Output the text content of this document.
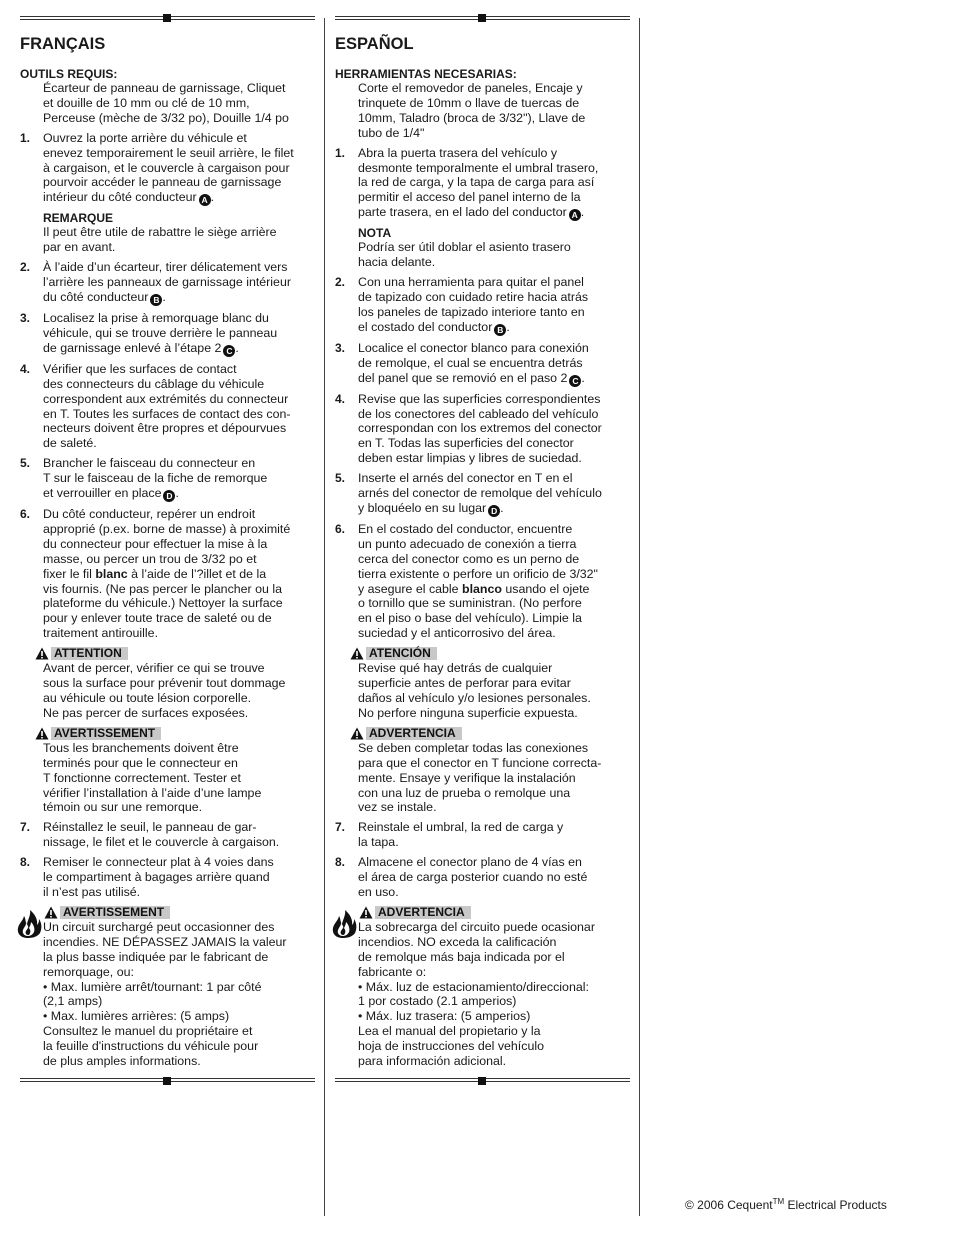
FRANÇAIS
OUTILS REQUIS:
Écarteur de panneau de garnissage, Cliquet
et douille de 10 mm ou clé de 10 mm,
Perceuse (mèche de 3/32 po), Douille 1/4 po
1. Ouvrez la porte arrière du véhicule et
enevez temporairement le seuil arrière, le filet
à cargaison, et le couvercle à cargaison pour
pourvoir accéder le panneau de garnissage
intérieur du côté conducteur A .
REMARQUE
Il peut être utile de rabattre le siège arrière
par en avant.
2. À l’aide d’un écarteur, tirer délicatement vers
l’arrière les panneaux de garnissage intérieur
du côté conducteur B .
3. Localisez la prise à remorquage blanc du
véhicule, qui se trouve derrière le panneau
de garnissage enlevé à l’étape 2 C .
4. Vérifier que les surfaces de contact
des connecteurs du câblage du véhicule
correspondent aux extrémités du connecteur
en T. Toutes les surfaces de contact des con-
necteurs doivent être propres et dépourvues
de saleté.
5. Brancher le faisceau du connecteur en
T sur le faisceau de la fiche de remorque
et verrouiller en place D .
6. Du côté conducteur, repérer un endroit
approprié (p.ex. borne de masse) à proximité
du connecteur pour effectuer la mise à la
masse, ou percer un trou de 3/32 po et
fixer le fil blanc à l’aide de l’?illet et de la
vis fournis. (Ne pas percer le plancher ou la
plateforme du véhicule.) Nettoyer la surface
pour y enlever toute trace de saleté ou de
traitement antirouille.
ATTENTION
Avant de percer, vérifier ce qui se trouve
sous la surface pour prévenir tout dommage
au véhicule ou toute lésion corporelle.
Ne pas percer de surfaces exposées.
AVERTISSEMENT
Tous les branchements doivent être
terminés pour que le connecteur en
T fonctionne correctement. Tester et
vérifier l’installation à l’aide d’une lampe
témoin ou sur une remorque.
7. Réinstallez le seuil, le panneau de gar-
nissage, le filet et le couvercle à cargaison.
8. Remiser le connecteur plat à 4 voies dans
le compartiment à bagages arrière quand
il n’est pas utilisé.
AVERTISSEMENT
Un circuit surchargé peut occasionner des
incendies. NE DÉPASSEZ JAMAIS la valeur
la plus basse indiquée par le fabricant de
remorquage, ou:
• Max. lumière arrêt/tournant: 1 par côté
(2,1 amps)
• Max. lumières arrières: (5 amps)
Consultez le manuel du propriétaire et
la feuille d'instructions du véhicule pour
de plus amples informations.
ESPAÑOL
HERRAMIENTAS NECESARIAS:
Corte el removedor de paneles, Encaje y
trinquete de 10mm o llave de tuercas de
10mm, Taladro (broca de 3/32"), Llave de
tubo de 1/4"
1. Abra la puerta trasera del vehículo y
desmonte temporalmente el umbral trasero,
la red de carga, y la tapa de carga para así
permitir el acceso del panel interno de la
parte trasera, en el lado del conductor A .
NOTA
Podría ser útil doblar el asiento trasero
hacia delante.
2. Con una herramienta para quitar el panel
de tapizado con cuidado retire hacia atrás
los paneles de tapizado interiore tanto en
el costado del conductor B .
3. Localice el conector blanco para conexión
de remolque, el cual se encuentra detrás
del panel que se removió en el paso 2 C .
4. Revise que las superficies correspondientes
de los conectores del cableado del vehículo
correspondan con los extremos del conector
en T. Todas las superficies del conector
deben estar limpias y libres de suciedad.
5. Inserte el arnés del conector en T en el
arnés del conector de remolque del vehículo
y bloquéelo en su lugar D .
6. En el costado del conductor, encuentre
un punto adecuado de conexión a tierra
cerca del conector como es un perno de
tierra existente o perfore un orificio de 3/32"
y asegure el cable blanco usando el ojete
o tornillo que se suministran. (No perfore
en el piso o base del vehículo). Limpie la
suciedad y el anticorrosivo del área.
ATENCIÓN
Revise qué hay detrás de cualquier
superficie antes de perforar para evitar
daños al vehículo y/o lesiones personales.
No perfore ninguna superficie expuesta.
ADVERTENCIA
Se deben completar todas las conexiones
para que el conector en T funcione correcta-
mente. Ensaye y verifique la instalación
con una luz de prueba o remolque una
vez se instale.
7. Reinstale el umbral, la red de carga y
la tapa.
8. Almacene el conector plano de 4 vías en
el área de carga posterior cuando no esté
en uso.
ADVERTENCIA
La sobrecarga del circuito puede ocasionar
incendios. NO exceda la calificación
de remolque más baja indicada por el
fabricante o:
• Máx. luz de estacionamiento/direccional:
1 por costado (2.1 amperios)
• Máx. luz trasera: (5 amperios)
Lea el manual del propietario y la
hoja de instrucciones del vehículo
para información adicional.
© 2006 Cequent™ Electrical Products
